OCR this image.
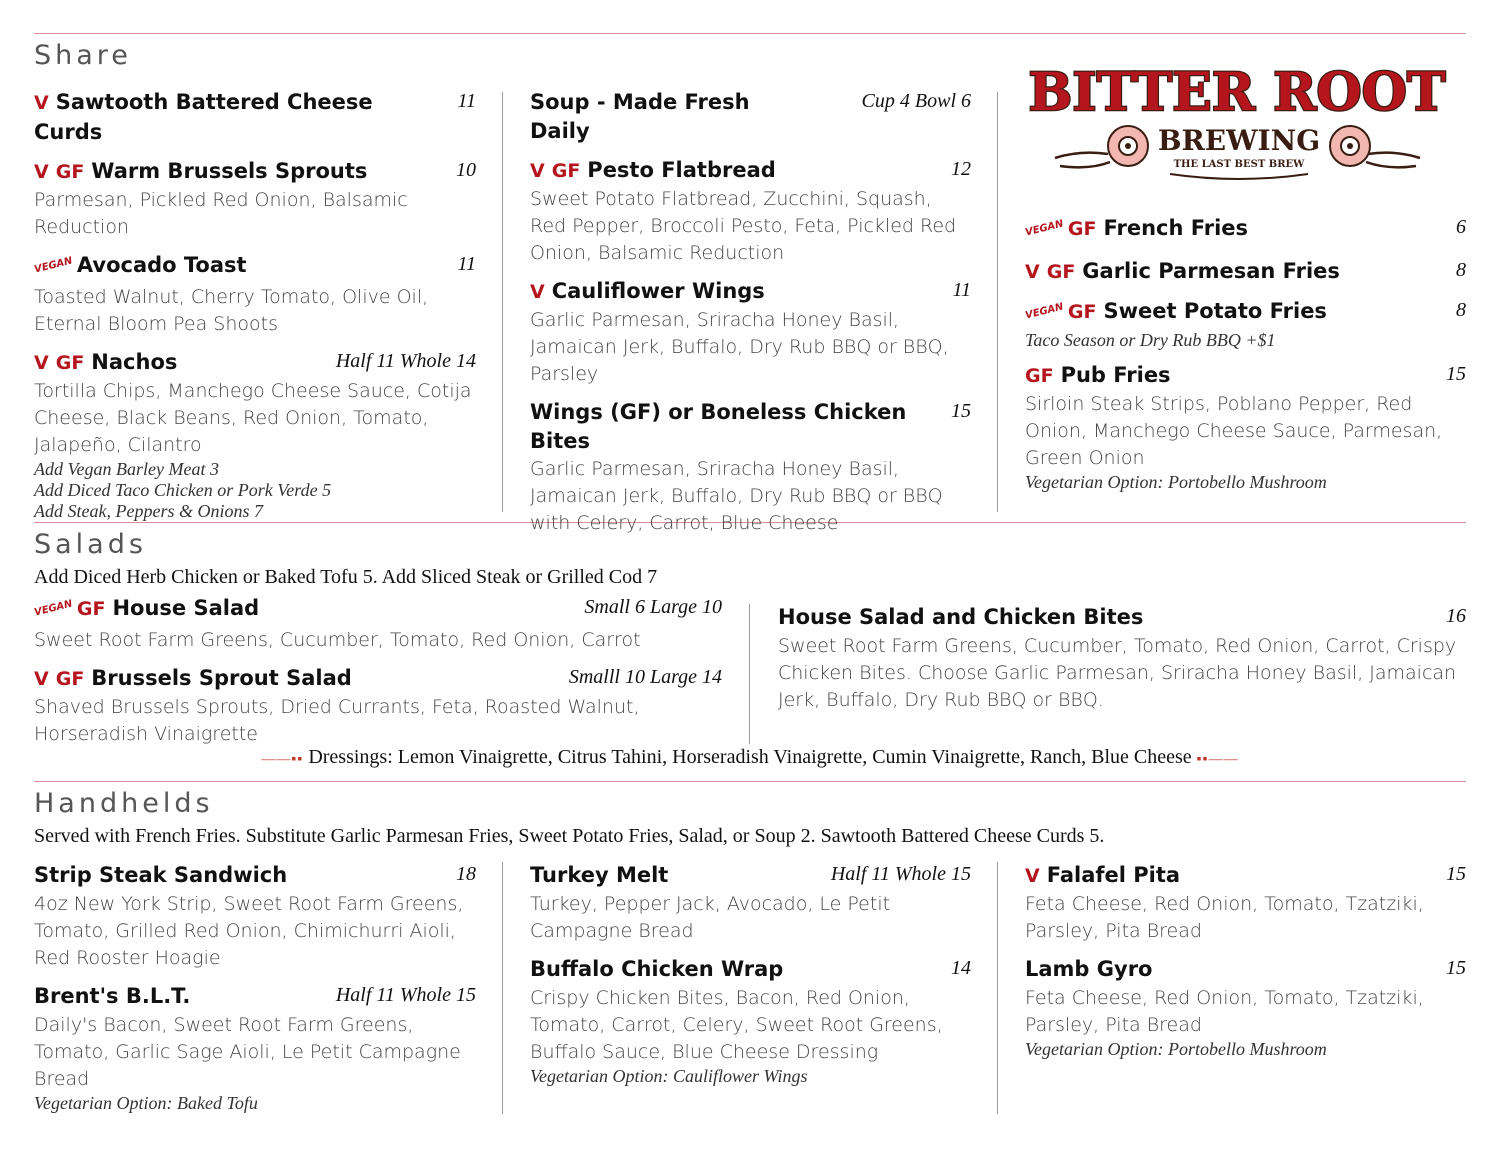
Share
V Sawtooth Battered Cheese Curds
11
V GF Warm Brussels Sprouts	10
Parmesan, Pickled Red Onion, Balsamic Reduction
VEGAN Avocado Toast	11
Toasted Walnut, Cherry Tomato, Olive Oil, Eternal Bloom Pea Shoots
V GF Nachos	Half 11 Whole 14
Tortilla Chips, Manchego Cheese Sauce, Cotija Cheese, Black Beans, Red Onion, Tomato, Jalapeño, Cilantro
Add Vegan Barley Meat 3
Add Diced Taco Chicken or Pork Verde 5
Add Steak, Peppers & Onions 7
Soup - Made Fresh Daily
Cup 4 Bowl 6
V GF Pesto Flatbread	12
Sweet Potato Flatbread, Zucchini, Squash, Red Pepper, Broccoli Pesto, Feta, Pickled Red Onion, Balsamic Reduction
V Cauliflower Wings	11
Garlic Parmesan, Sriracha Honey Basil, Jamaican Jerk, Buffalo, Dry Rub BBQ or BBQ, Parsley
Wings (GF) or Boneless Chicken Bites
15
Garlic Parmesan, Sriracha Honey Basil, Jamaican Jerk, Buffalo, Dry Rub BBQ or BBQ with Celery, Carrot, Blue Cheese
VEGAN GF French Fries	6
V GF Garlic Parmesan Fries	8
VEGAN GF Sweet Potato Fries	8
Taco Season or Dry Rub BBQ +$1
GF Pub Fries	15
Sirloin Steak Strips, Poblano Pepper, Red Onion, Manchego Cheese Sauce, Parmesan, Green Onion
Vegetarian Option: Portobello Mushroom
BITTER ROOT
BREWING
THE LAST BEST BREW
Salads
Add Diced Herb Chicken or Baked Tofu 5. Add Sliced Steak or Grilled Cod 7
VEGAN GF House Salad	Small 6 Large 10
Sweet Root Farm Greens, Cucumber, Tomato, Red Onion, Carrot
V GF Brussels Sprout Salad	Smalll 10 Large 14
Shaved Brussels Sprouts, Dried Currants, Feta, Roasted Walnut, Horseradish Vinaigrette
House Salad and Chicken Bites	16
Sweet Root Farm Greens, Cucumber, Tomato, Red Onion, Carrot, Crispy Chicken Bites. Choose Garlic Parmesan, Sriracha Honey Basil, Jamaican Jerk, Buffalo, Dry Rub BBQ or BBQ.
——▪▪ Dressings: Lemon Vinaigrette, Citrus Tahini, Horseradish Vinaigrette, Cumin Vinaigrette, Ranch, Blue Cheese ▪▪——
Handhelds
Served with French Fries. Substitute Garlic Parmesan Fries, Sweet Potato Fries, Salad, or Soup 2. Sawtooth Battered Cheese Curds 5.
Strip Steak Sandwich	18
4oz New York Strip, Sweet Root Farm Greens, Tomato, Grilled Red Onion, Chimichurri Aioli, Red Rooster Hoagie
Brent's B.L.T.	Half 11 Whole 15
Daily's Bacon, Sweet Root Farm Greens, Tomato, Garlic Sage Aioli, Le Petit Campagne Bread
Vegetarian Option: Baked Tofu
Turkey Melt	Half 11 Whole 15
Turkey, Pepper Jack, Avocado, Le Petit Campagne Bread
Buffalo Chicken Wrap	14
Crispy Chicken Bites, Bacon, Red Onion, Tomato, Carrot, Celery, Sweet Root Greens, Buffalo Sauce, Blue Cheese Dressing
Vegetarian Option: Cauliflower Wings
V Falafel Pita	15
Feta Cheese, Red Onion, Tomato, Tzatziki, Parsley, Pita Bread
Lamb Gyro	15
Feta Cheese, Red Onion, Tomato, Tzatziki, Parsley, Pita Bread
Vegetarian Option: Portobello Mushroom
